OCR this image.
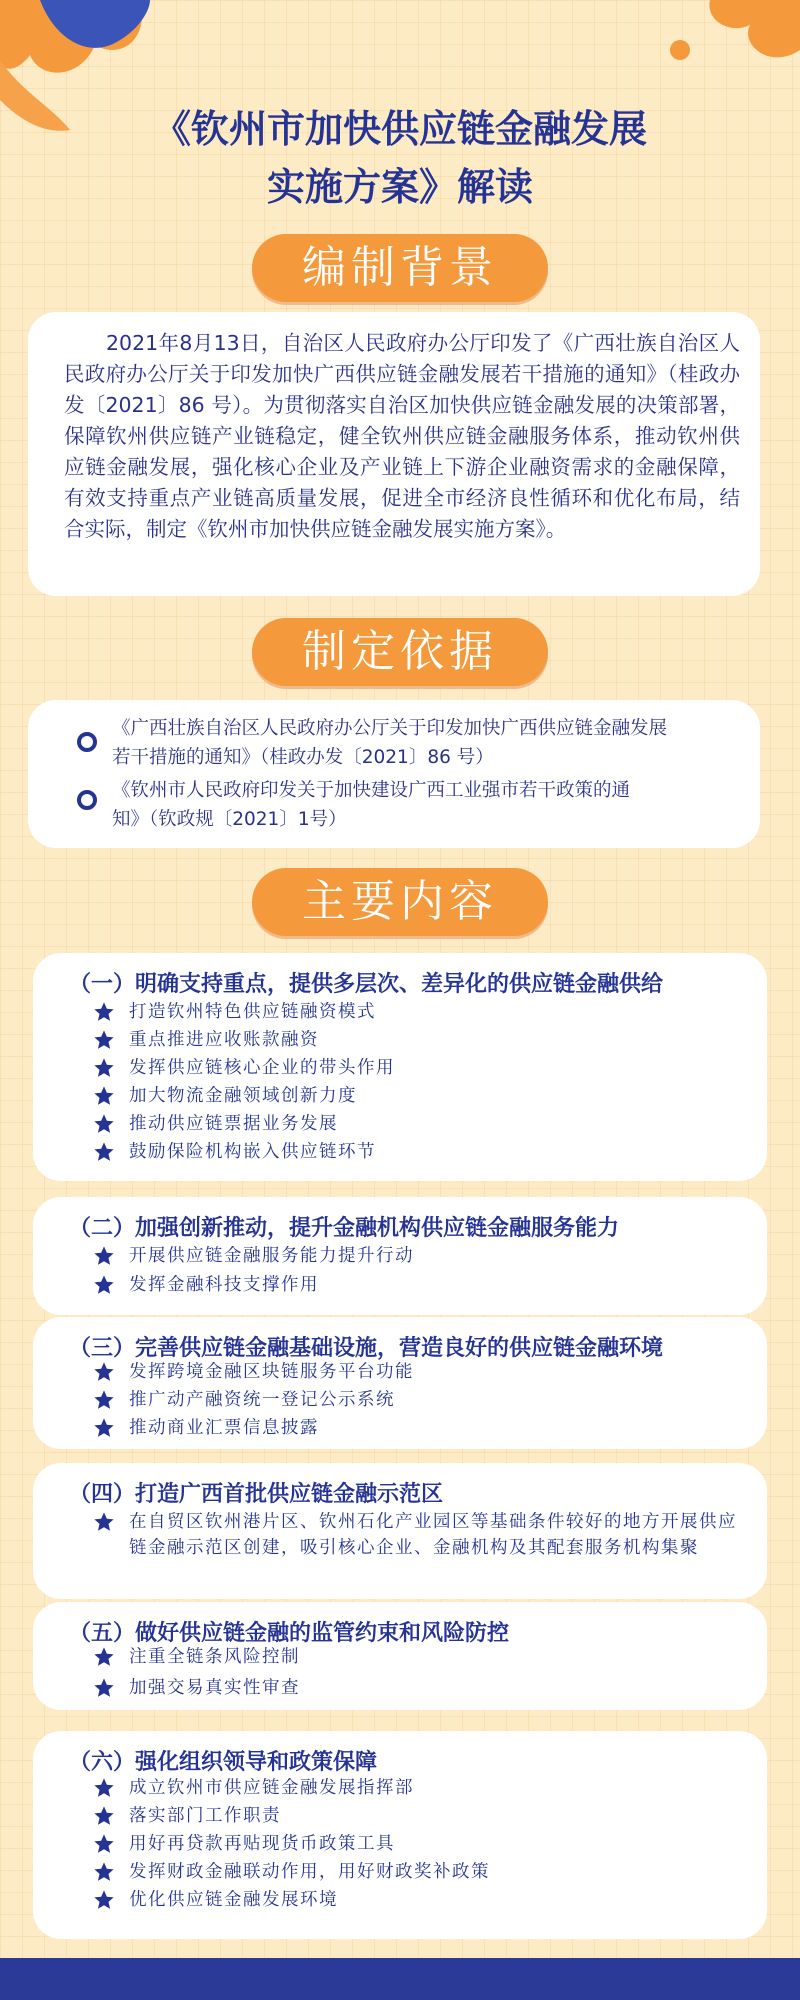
《钦州市加快供应链金融发展
实施方案》解读
编制背景
2021年8月13日，自治区人民政府办公厅印发了《广西壮族自治区人民政府办公厅关于印发加快广西供应链金融发展若干措施的通知》（桂政办发〔2021〕86 号）。为贯彻落实自治区加快供应链金融发展的决策部署，保障钦州供应链产业链稳定，健全钦州供应链金融服务体系，推动钦州供应链金融发展，强化核心企业及产业链上下游企业融资需求的金融保障，有效支持重点产业链高质量发展，促进全市经济良性循环和优化布局，结合实际，制定《钦州市加快供应链金融发展实施方案》。
制定依据
《广西壮族自治区人民政府办公厅关于印发加快广西供应链金融发展
若干措施的通知》（桂政办发〔2021〕86 号）
《钦州市人民政府印发关于加快建设广西工业强市若干政策的通
知》（钦政规〔2021〕1号）
主要内容
（一）明确支持重点，提供多层次、差异化的供应链金融供给
打造钦州特色供应链融资模式
重点推进应收账款融资
发挥供应链核心企业的带头作用
加大物流金融领域创新力度
推动供应链票据业务发展
鼓励保险机构嵌入供应链环节
（二）加强创新推动，提升金融机构供应链金融服务能力
开展供应链金融服务能力提升行动
发挥金融科技支撑作用
（三）完善供应链金融基础设施，营造良好的供应链金融环境
发挥跨境金融区块链服务平台功能
推广动产融资统一登记公示系统
推动商业汇票信息披露
（四）打造广西首批供应链金融示范区
在自贸区钦州港片区、钦州石化产业园区等基础条件较好的地方开展供应链金融示范区创建，吸引核心企业、金融机构及其配套服务机构集聚
（五）做好供应链金融的监管约束和风险防控
注重全链条风险控制
加强交易真实性审查
（六）强化组织领导和政策保障
成立钦州市供应链金融发展指挥部
落实部门工作职责
用好再贷款再贴现货币政策工具
发挥财政金融联动作用，用好财政奖补政策
优化供应链金融发展环境
